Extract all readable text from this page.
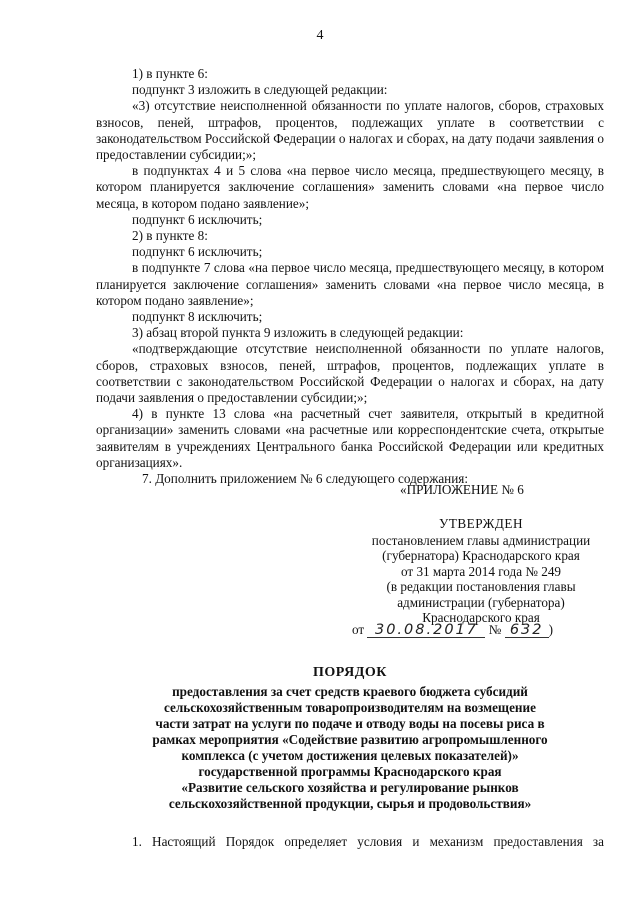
4

1) в пункте 6:

подпункт 3 изложить в следующей редакции:

«3) отсутствие неисполненной обязанности по уплате налогов, сборов, страховых взносов, пеней, штрафов, процентов, подлежащих уплате в соответствии с законодательством Российской Федерации о налогах и сборах, на дату подачи заявления о предоставлении субсидии;»;

в подпунктах 4 и 5 слова «на первое число месяца, предшествующего месяцу, в котором планируется заключение соглашения» заменить словами «на первое число месяца, в котором подано заявление»;

подпункт 6 исключить;

2) в пункте 8:

подпункт 6 исключить;

в подпункте 7 слова «на первое число месяца, предшествующего месяцу, в котором планируется заключение соглашения» заменить словами «на первое число месяца, в котором подано заявление»;

подпункт 8 исключить;

3) абзац второй пункта 9 изложить в следующей редакции:

«подтверждающие отсутствие неисполненной обязанности по уплате налогов, сборов, страховых взносов, пеней, штрафов, процентов, подлежащих уплате в соответствии с законодательством Российской Федерации о налогах и сборах, на дату подачи заявления о предоставлении субсидии;»;

4) в пункте 13 слова «на расчетный счет заявителя, открытый в кредитной организации» заменить словами «на расчетные или корреспондентские счета, открытые заявителям в учреждениях Центрального банка Российской Федерации или кредитных организациях».

7. Дополнить приложением № 6 следующего содержания:

«ПРИЛОЖЕНИЕ № 6
УТВЕРЖДЕН
постановлением главы администрации
(губернатора) Краснодарского края
от 31 марта 2014 года № 249
(в редакции постановления главы
администрации (губернатора)
Краснодарского края
от 30.08.2017 № 632 )
ПОРЯДОК
предоставления за счет средств краевого бюджета субсидий
сельскохозяйственным товаропроизводителям на возмещение
части затрат на услуги по подаче и отводу воды на посевы риса в
рамках мероприятия «Содействие развитию агропромышленного
комплекса (с учетом достижения целевых показателей)»
государственной программы Краснодарского края
«Развитие сельского хозяйства и регулирование рынков
сельскохозяйственной продукции, сырья и продовольствия»
1. Настоящий Порядок определяет условия и механизм предоставления за
